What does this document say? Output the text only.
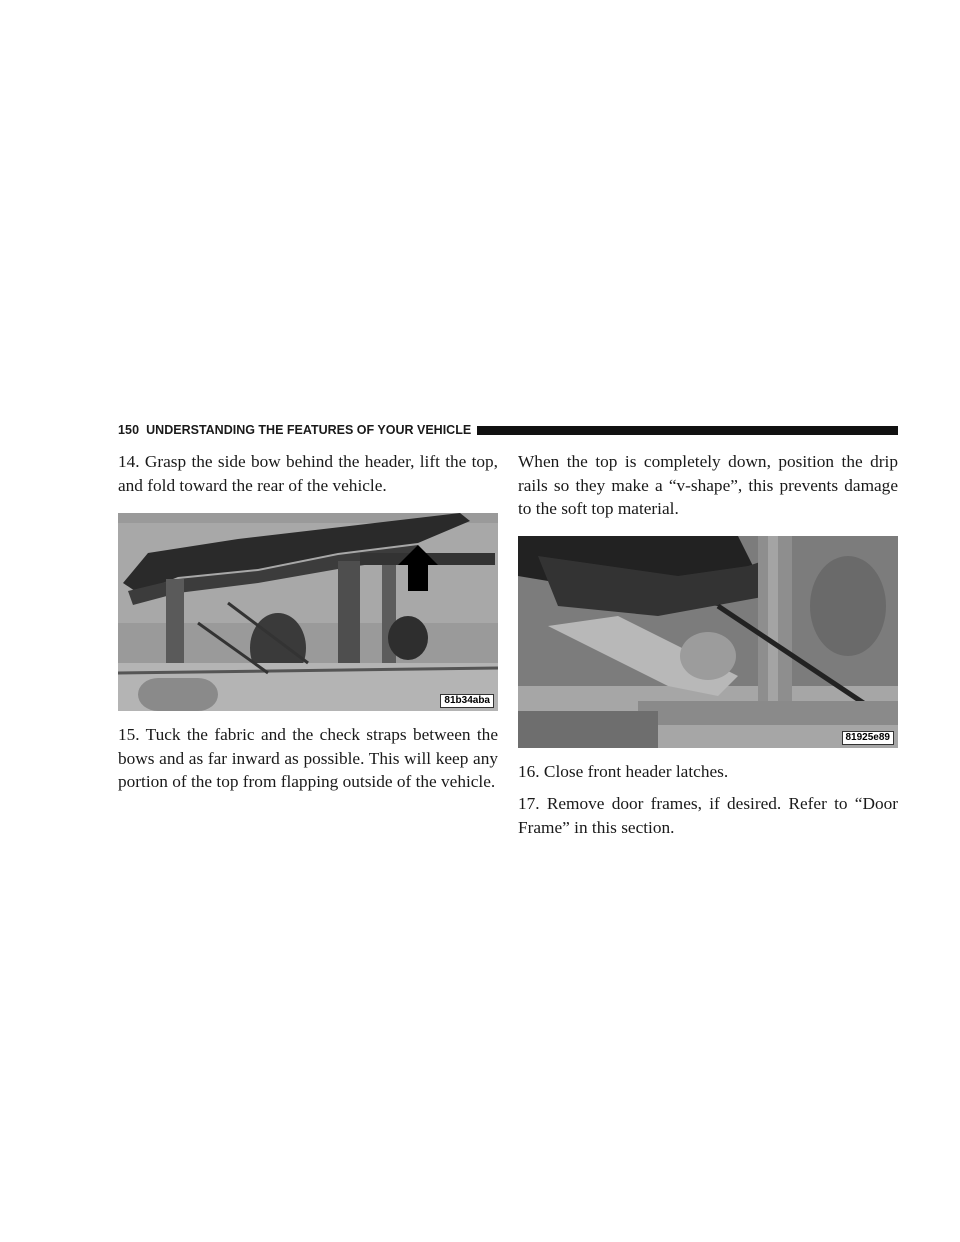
150 UNDERSTANDING THE FEATURES OF YOUR VEHICLE

14. Grasp the side bow behind the header, lift the top, and fold toward the rear of the vehicle.

81b34aba

15. Tuck the fabric and the check straps between the bows and as far inward as possible. This will keep any portion of the top from flapping outside of the vehicle.

When the top is completely down, position the drip rails so they make a “v-shape”, this prevents damage to the soft top material.

81925e89

16. Close front header latches.

17. Remove door frames, if desired. Refer to “Door Frame” in this section.
